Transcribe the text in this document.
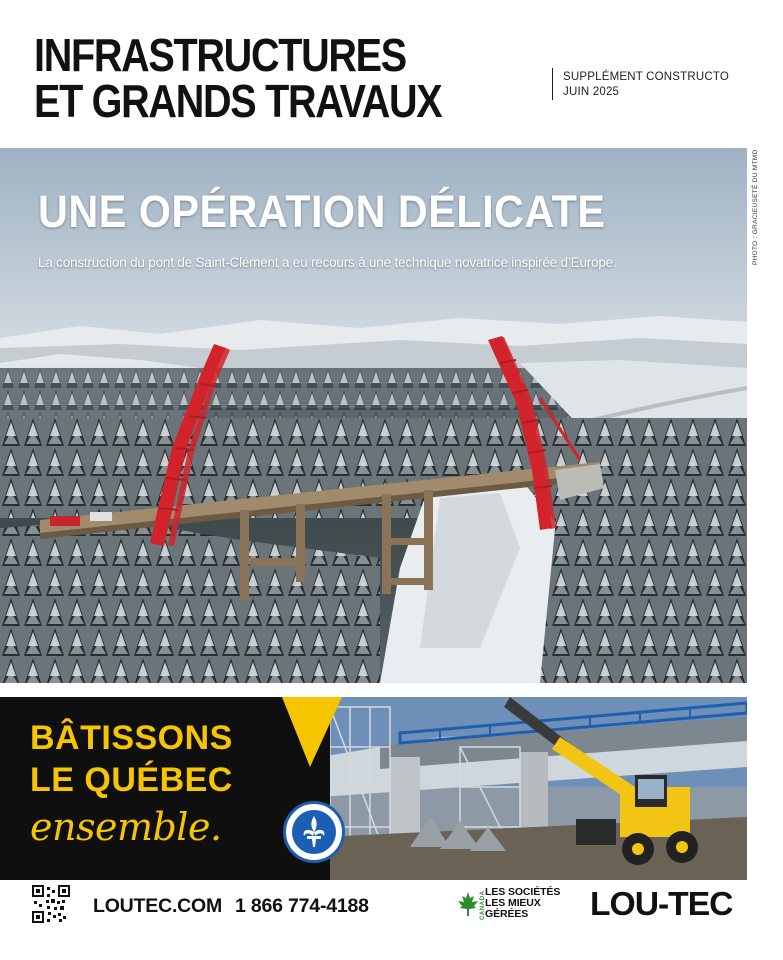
INFRASTRUCTURES
ET GRANDS TRAVAUX	SUPPLÉMENT CONSTRUCTO
JUIN 2025
UNE OPÉRATION DÉLICATE

La construction du pont de Saint-Clément a eu recours à une technique novatrice inspirée d’Europe.	PHOTO : GRACIEUSETÉ DU MTMD
BÂTISSONS
LE QUÉBEC
ensemble.
LOUTEC.COM 1 866 774-4188	CANADA LES SOCIÉTÉS
LES MIEUX
GÉRÉES	LOU-TEC
